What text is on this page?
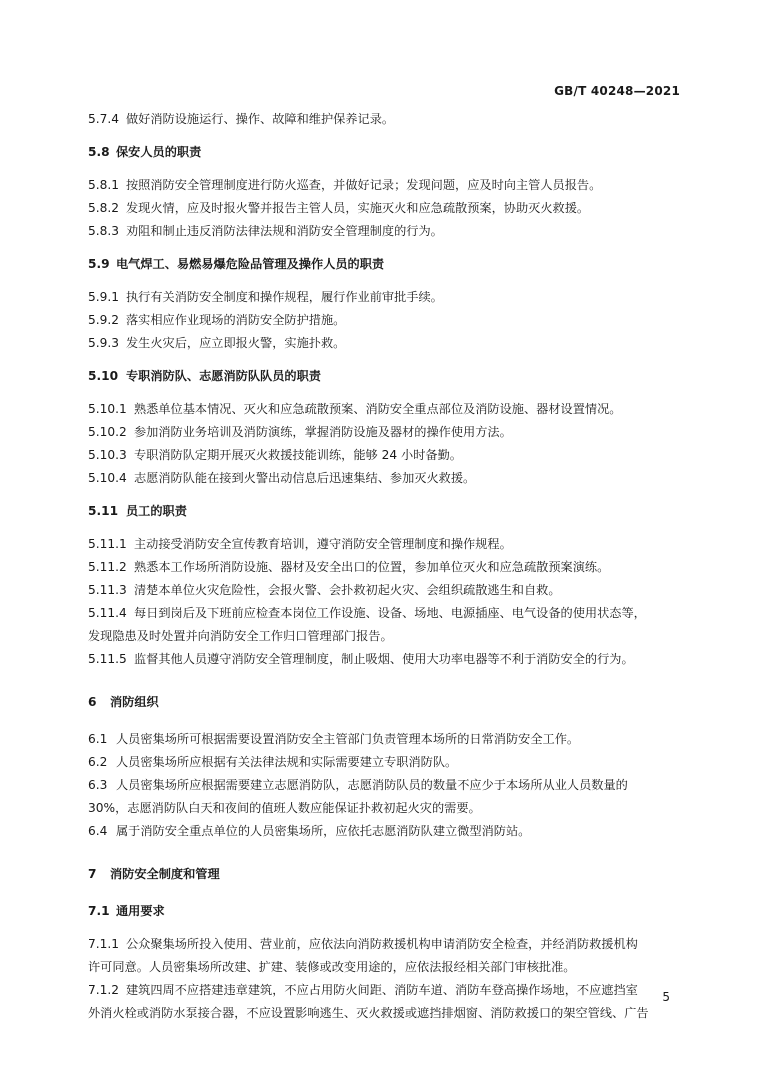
GB/T 40248—2021
5.7.4 做好消防设施运行、操作、故障和维护保养记录。
5.8 保安人员的职责
5.8.1 按照消防安全管理制度进行防火巡查，并做好记录；发现问题，应及时向主管人员报告。
5.8.2 发现火情，应及时报火警并报告主管人员，实施灭火和应急疏散预案，协助灭火救援。
5.8.3 劝阻和制止违反消防法律法规和消防安全管理制度的行为。
5.9 电气焊工、易燃易爆危险品管理及操作人员的职责
5.9.1 执行有关消防安全制度和操作规程，履行作业前审批手续。
5.9.2 落实相应作业现场的消防安全防护措施。
5.9.3 发生火灾后，应立即报火警，实施扑救。
5.10 专职消防队、志愿消防队队员的职责
5.10.1 熟悉单位基本情况、灭火和应急疏散预案、消防安全重点部位及消防设施、器材设置情况。
5.10.2 参加消防业务培训及消防演练，掌握消防设施及器材的操作使用方法。
5.10.3 专职消防队定期开展灭火救援技能训练，能够 24 小时备勤。
5.10.4 志愿消防队能在接到火警出动信息后迅速集结、参加灭火救援。
5.11 员工的职责
5.11.1 主动接受消防安全宣传教育培训，遵守消防安全管理制度和操作规程。
5.11.2 熟悉本工作场所消防设施、器材及安全出口的位置，参加单位灭火和应急疏散预案演练。
5.11.3 清楚本单位火灾危险性，会报火警、会扑救初起火灾、会组织疏散逃生和自救。
5.11.4 每日到岗后及下班前应检查本岗位工作设施、设备、场地、电源插座、电气设备的使用状态等，
发现隐患及时处置并向消防安全工作归口管理部门报告。
5.11.5 监督其他人员遵守消防安全管理制度，制止吸烟、使用大功率电器等不利于消防安全的行为。
6	消防组织
6.1 人员密集场所可根据需要设置消防安全主管部门负责管理本场所的日常消防安全工作。
6.2 人员密集场所应根据有关法律法规和实际需要建立专职消防队。
6.3 人员密集场所应根据需要建立志愿消防队，志愿消防队员的数量不应少于本场所从业人员数量的
30%，志愿消防队白天和夜间的值班人数应能保证扑救初起火灾的需要。
6.4 属于消防安全重点单位的人员密集场所，应依托志愿消防队建立微型消防站。
7	消防安全制度和管理
7.1 通用要求
7.1.1 公众聚集场所投入使用、营业前，应依法向消防救援机构申请消防安全检查，并经消防救援机构
许可同意。人员密集场所改建、扩建、装修或改变用途的，应依法报经相关部门审核批准。
7.1.2 建筑四周不应搭建违章建筑，不应占用防火间距、消防车道、消防车登高操作场地，不应遮挡室
外消火栓或消防水泵接合器，不应设置影响逃生、灭火救援或遮挡排烟窗、消防救援口的架空管线、广告
5
